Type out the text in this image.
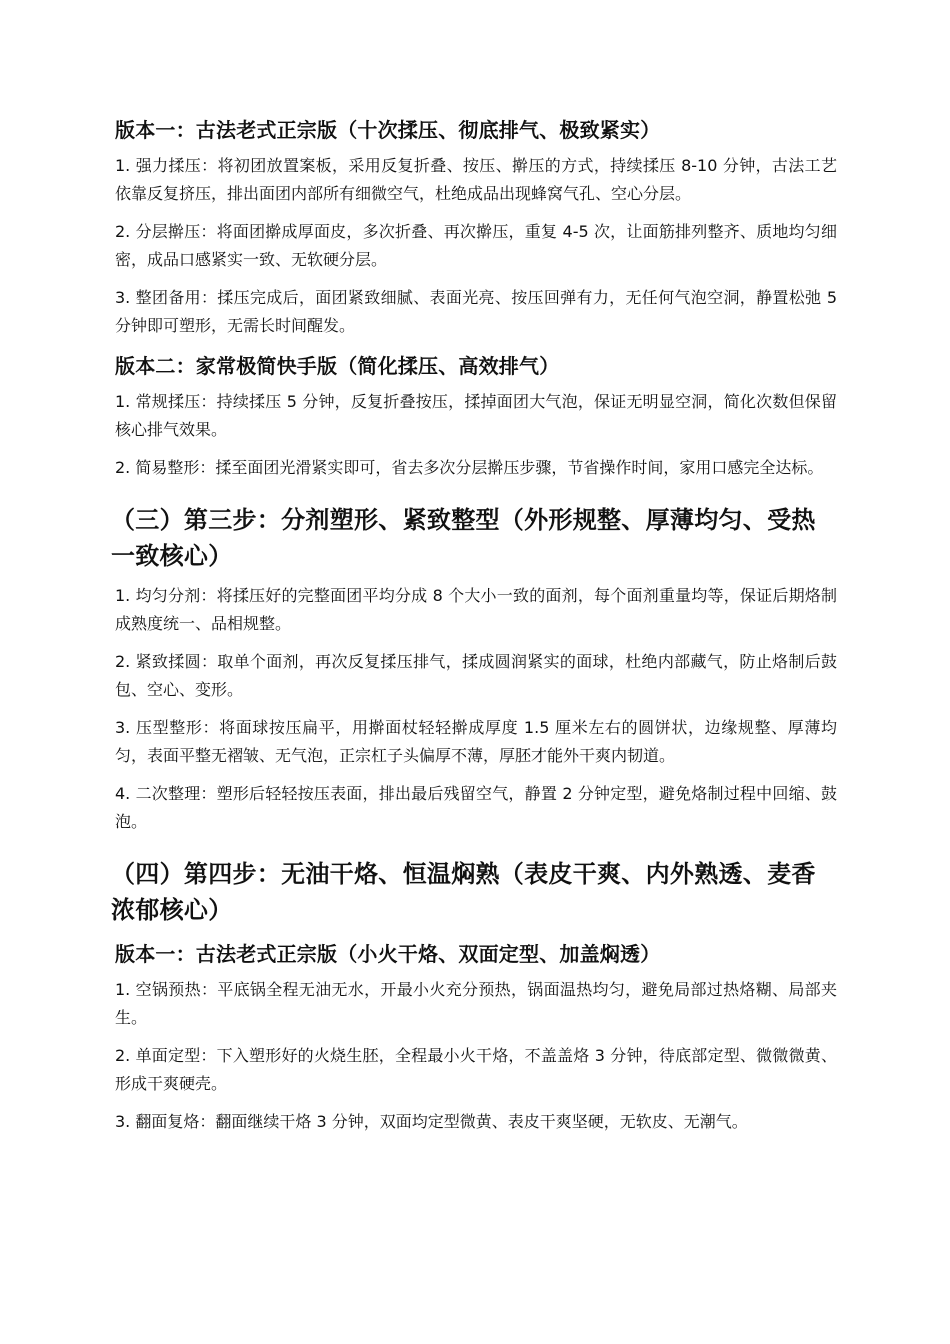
版本一：古法老式正宗版（十次揉压、彻底排气、极致紧实）
1. 强力揉压：将初团放置案板，采用反复折叠、按压、擀压的方式，持续揉压 8-10 分钟，古法工艺依靠反复挤压，排出面团内部所有细微空气，杜绝成品出现蜂窝气孔、空心分层。
2. 分层擀压：将面团擀成厚面皮，多次折叠、再次擀压，重复 4-5 次，让面筋排列整齐、质地均匀细密，成品口感紧实一致、无软硬分层。
3. 整团备用：揉压完成后，面团紧致细腻、表面光亮、按压回弹有力，无任何气泡空洞，静置松弛 5 分钟即可塑形，无需长时间醒发。
版本二：家常极简快手版（简化揉压、高效排气）
1. 常规揉压：持续揉压 5 分钟，反复折叠按压，揉掉面团大气泡，保证无明显空洞，简化次数但保留核心排气效果。
2. 简易整形：揉至面团光滑紧实即可，省去多次分层擀压步骤，节省操作时间，家用口感完全达标。
（三）第三步：分剂塑形、紧致整型（外形规整、厚薄均匀、受热一致核心）
1. 均匀分剂：将揉压好的完整面团平均分成 8 个大小一致的面剂，每个面剂重量均等，保证后期烙制成熟度统一、品相规整。
2. 紧致揉圆：取单个面剂，再次反复揉压排气，揉成圆润紧实的面球，杜绝内部藏气，防止烙制后鼓包、空心、变形。
3. 压型整形：将面球按压扁平，用擀面杖轻轻擀成厚度 1.5 厘米左右的圆饼状，边缘规整、厚薄均匀，表面平整无褶皱、无气泡，正宗杠子头偏厚不薄，厚胚才能外干爽内韧道。
4. 二次整理：塑形后轻轻按压表面，排出最后残留空气，静置 2 分钟定型，避免烙制过程中回缩、鼓泡。
（四）第四步：无油干烙、恒温焖熟（表皮干爽、内外熟透、麦香浓郁核心）
版本一：古法老式正宗版（小火干烙、双面定型、加盖焖透）
1. 空锅预热：平底锅全程无油无水，开最小火充分预热，锅面温热均匀，避免局部过热烙糊、局部夹生。
2. 单面定型：下入塑形好的火烧生胚，全程最小火干烙，不盖盖烙 3 分钟，待底部定型、微微微黄、形成干爽硬壳。
3. 翻面复烙：翻面继续干烙 3 分钟，双面均定型微黄、表皮干爽坚硬，无软皮、无潮气。
